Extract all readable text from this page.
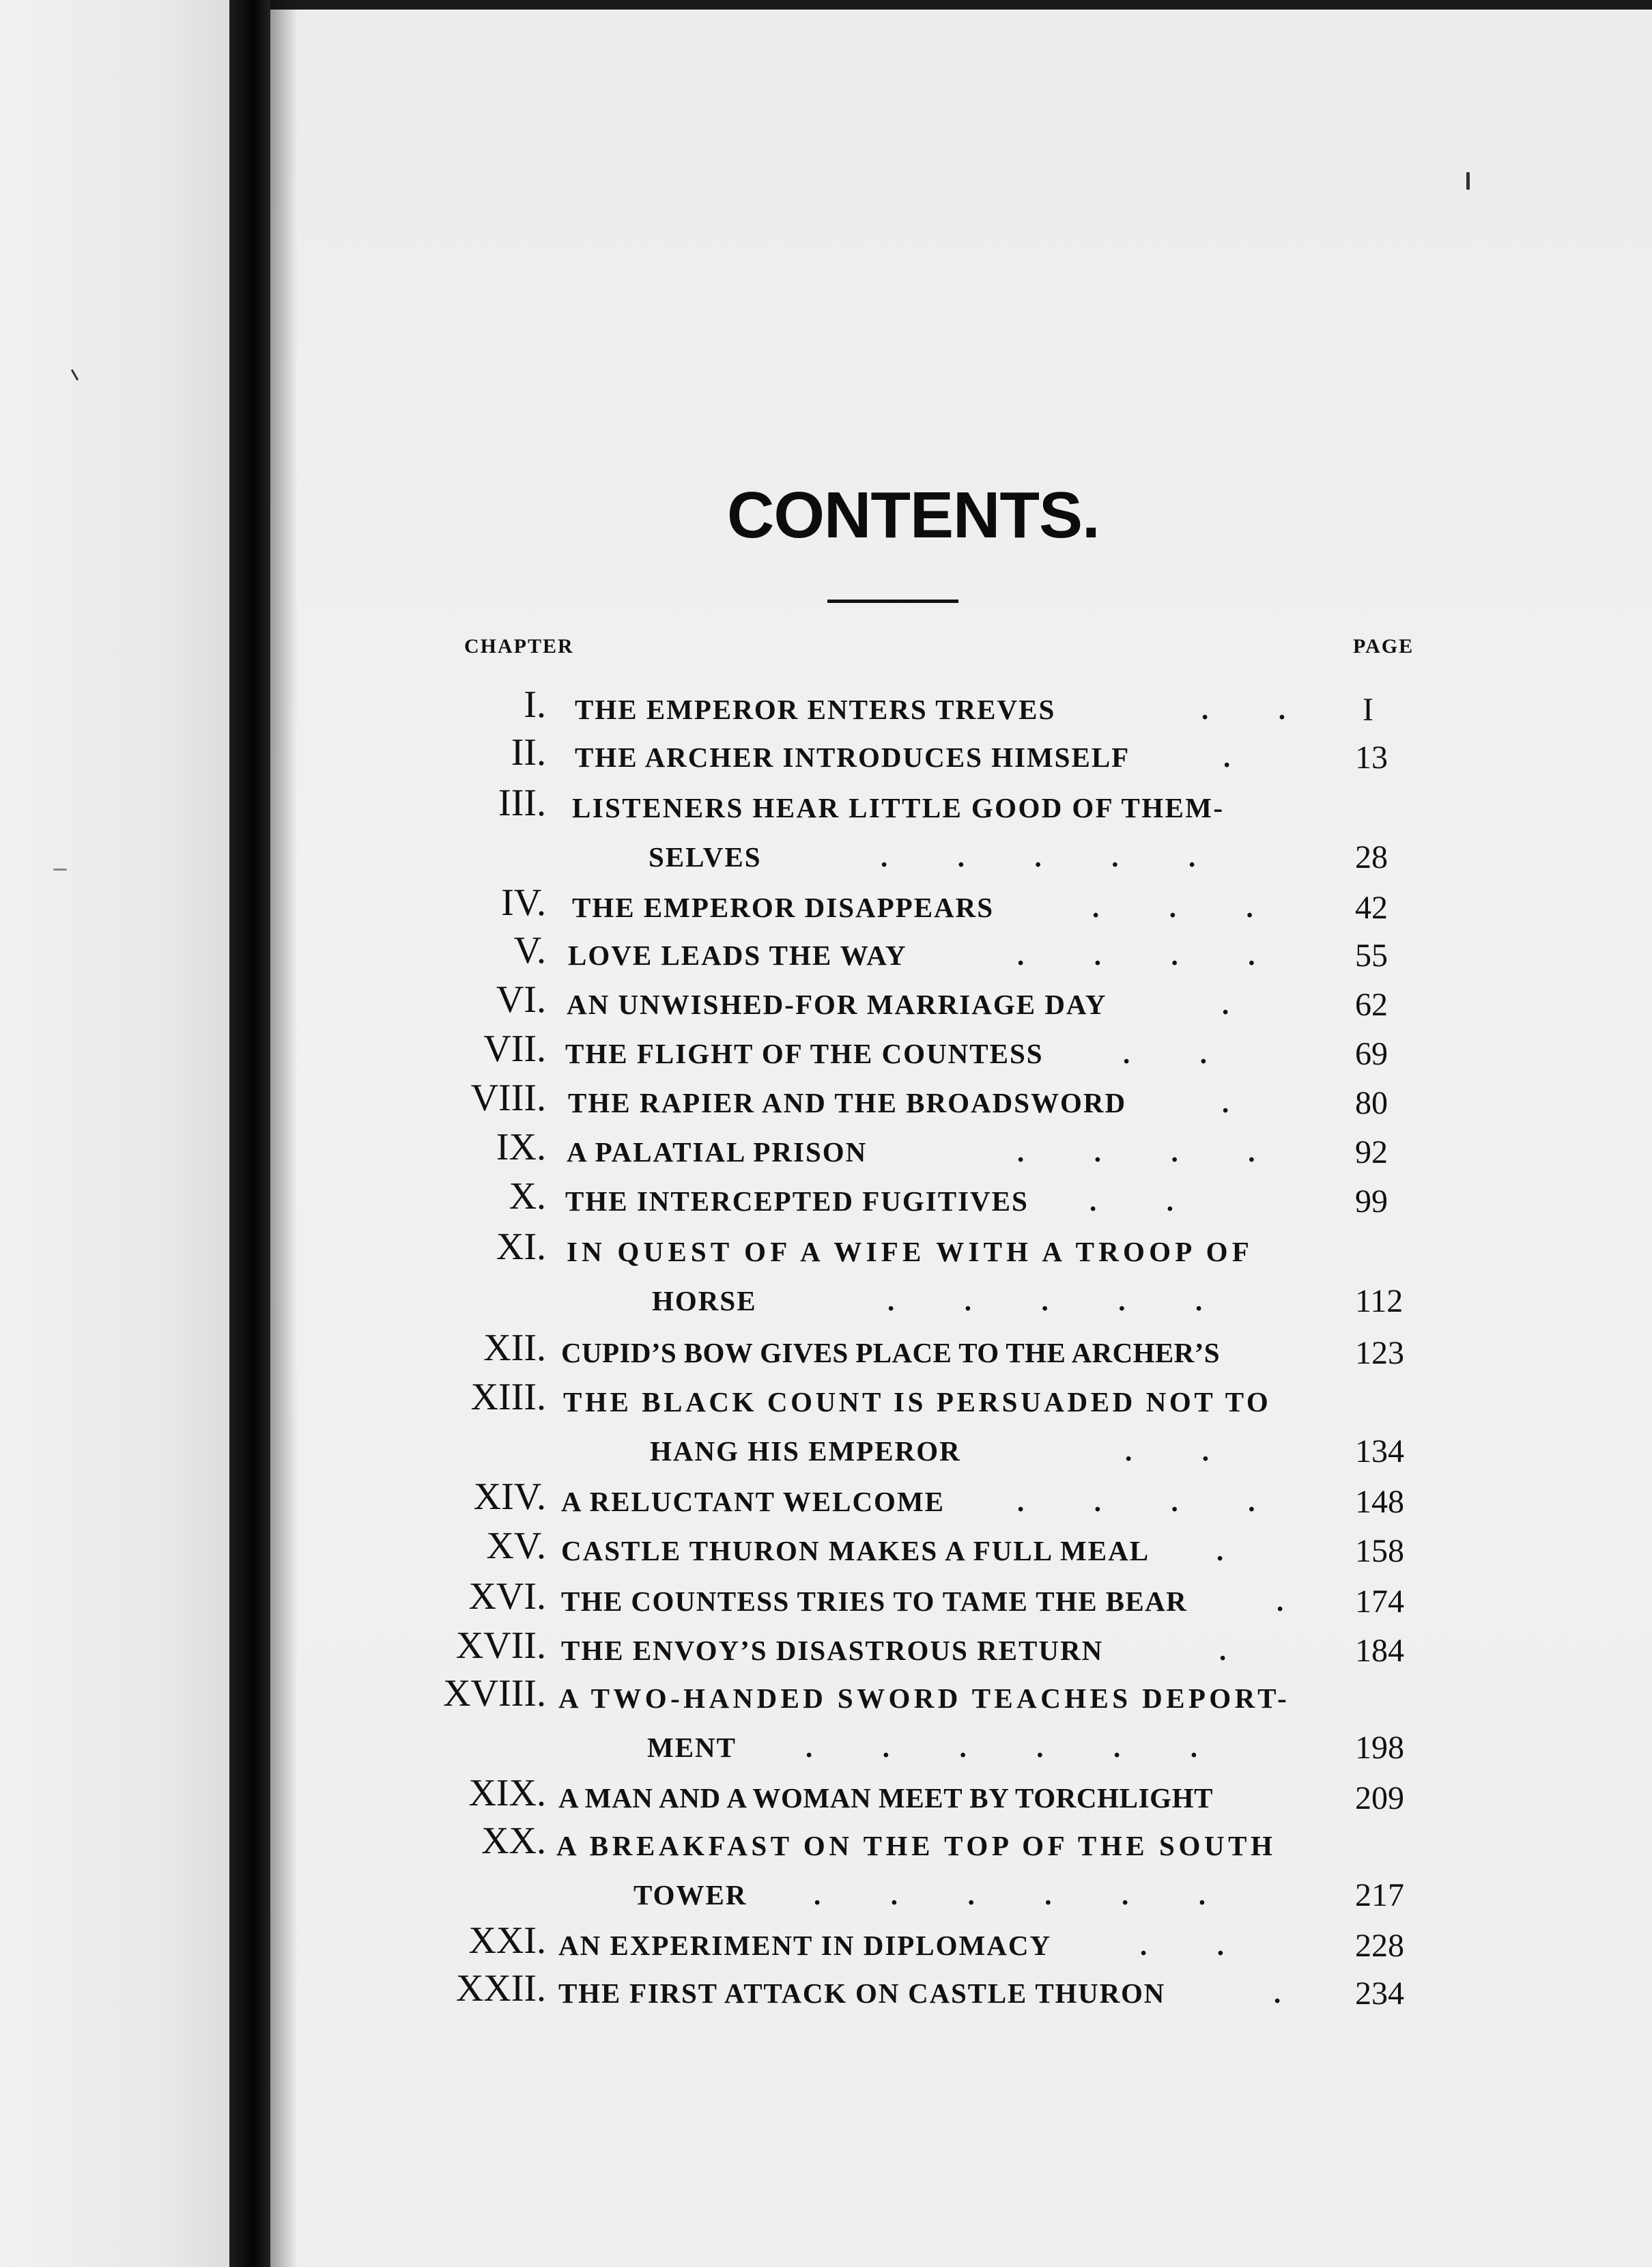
CONTENTS.
CHAPTER	PAGE
I. THE EMPEROR ENTERS TREVES	.          . I
II. THE ARCHER INTRODUCES HIMSELF	.	13
III. LISTENERS HEAR LITTLE GOOD OF THEM-
SELVES	.          .          .          .          .	28
IV. THE EMPEROR DISAPPEARS	.          .          .	42
V. LOVE LEADS THE WAY	.          .          .          .	55
VI. AN UNWISHED-FOR MARRIAGE DAY	.	62
VII. THE FLIGHT OF THE COUNTESS	.          .	69
VIII. THE RAPIER AND THE BROADSWORD	.	80
IX. A PALATIAL PRISON	.          .          .          .	92
X. THE INTERCEPTED FUGITIVES .          .	99
XI. IN QUEST OF A WIFE WITH A TROOP OF
HORSE	.          .          .          .          .	112
XII. CUPID’S BOW GIVES PLACE TO THE ARCHER’S	123
XIII. THE BLACK COUNT IS PERSUADED NOT TO
HANG HIS EMPEROR	.          .	134
XIV. A RELUCTANT WELCOME	.          .          .          .	148
XV. CASTLE THURON MAKES A FULL MEAL .	158
XVI. THE COUNTESS TRIES TO TAME THE BEAR	. 174
XVII. THE ENVOY’S DISASTROUS RETURN	.	184
XVIII. A TWO-HANDED SWORD TEACHES DEPORT-
MENT .          .          .          .          .          .	198
XIX. A MAN AND A WOMAN MEET BY TORCHLIGHT	209
XX. A BREAKFAST ON THE TOP OF THE SOUTH
TOWER .          .          .          .          .          .	217
XXI. AN EXPERIMENT IN DIPLOMACY	.          .	228
XXII. THE FIRST ATTACK ON CASTLE THURON	. 234
